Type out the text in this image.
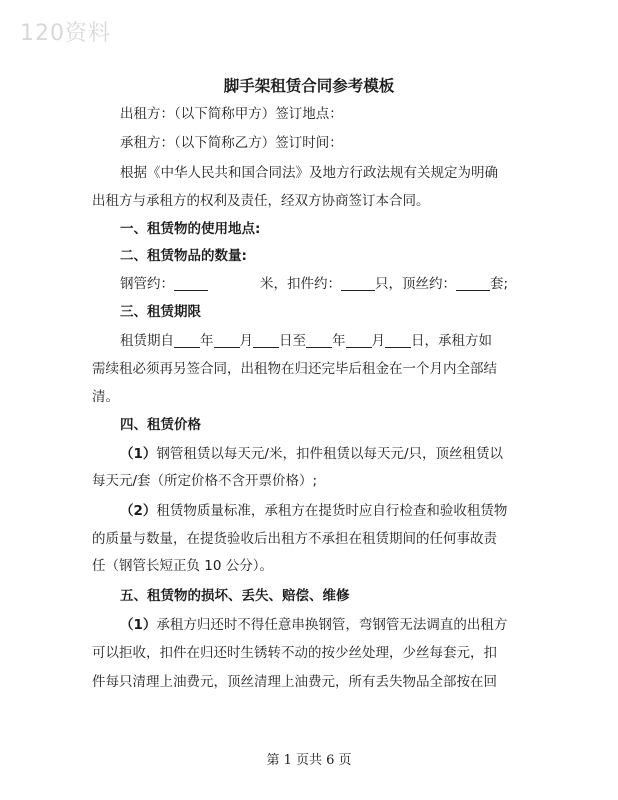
120资料
脚手架租赁合同参考模板
出租方：（以下简称甲方）签订地点：
承租方：（以下简称乙方）签订时间：
根据《中华人民共和国合同法》及地方行政法规有关规定为明确
出租方与承租方的权利及责任，经双方协商签订本合同。
一、租赁物的使用地点:
二、租赁物品的数量:
钢管约：	米，扣件约：	只，顶丝约：	套;
三、租赁期限
租赁期自 年 月 日至 年 月 日，承租方如
需续租必须再另签合同，出租物在归还完毕后租金在一个月内全部结
清。
四、租赁价格
（1）钢管租赁以每天元/米，扣件租赁以每天元/只，顶丝租赁以
每天元/套（所定价格不含开票价格）;
（2）租赁物质量标准，承租方在提货时应自行检查和验收租赁物
的质量与数量，在提货验收后出租方不承担在租赁期间的任何事故责
任（钢管长短正负 10 公分）。
五、租赁物的损坏、丢失、赔偿、维修
（1）承租方归还时不得任意串换钢管，弯钢管无法调直的出租方
可以拒收，扣件在归还时生锈转不动的按少丝处理，少丝每套元，扣
件每只清理上油费元，顶丝清理上油费元，所有丢失物品全部按在回
第 1 页共 6 页
